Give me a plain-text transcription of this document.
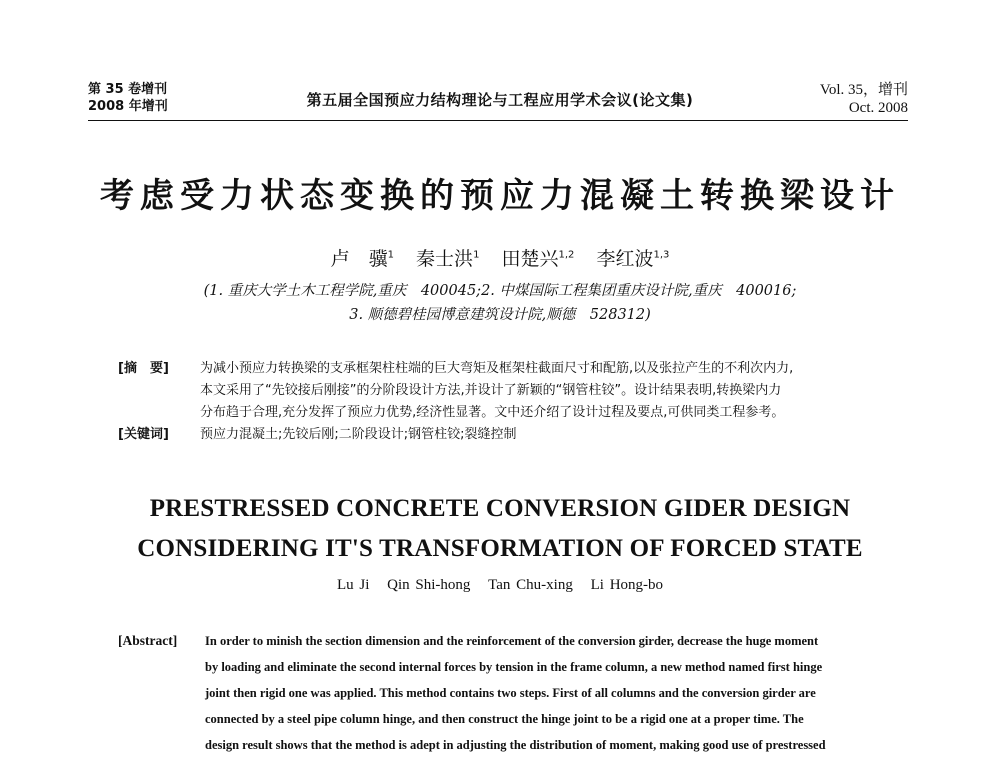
第 35 卷增刊
2008 年增刊	第五届全国预应力结构理论与工程应用学术会议(论文集)
Vol. 35，增刊
Oct. 2008
考虑受力状态变换的预应力混凝土转换梁设计
卢　骥$^1$ 秦士洪$^1$ 田楚兴$^{1,2}$ 李红波$^{1,3}$
(1. 重庆大学土木工程学院,重庆　400045;2. 中煤国际工程集团重庆设计院,重庆　400016;
3. 顺德碧桂园博意建筑设计院,顺德　528312)
[摘　要] 为减小预应力转换梁的支承框架柱柱端的巨大弯矩及框架柱截面尺寸和配筋,以及张拉产生的不利次内力,
本文采用了“先铰接后刚接”的分阶段设计方法,并设计了新颖的“钢管柱铰”。设计结果表明,转换梁内力
分布趋于合理,充分发挥了预应力优势,经济性显著。文中还介绍了设计过程及要点,可供同类工程参考。
[关键词] 预应力混凝土;先铰后刚;二阶段设计;钢管柱铰;裂缝控制
PRESTRESSED CONCRETE CONVERSION GIDER DESIGN
CONSIDERING IT'S TRANSFORMATION OF FORCED STATE
Lu Ji Qin Shi-hong Tan Chu-xing Li Hong-bo
[Abstract] In order to minish the section dimension and the reinforcement of the conversion girder, decrease the huge moment
by loading and eliminate the second internal forces by tension in the frame column, a new method named first hinge
joint then rigid one was applied. This method contains two steps. First of all columns and the conversion girder are
connected by a steel pipe column hinge, and then construct the hinge joint to be a rigid one at a proper time. The
design result shows that the method is adept in adjusting the distribution of moment, making good use of prestressed
